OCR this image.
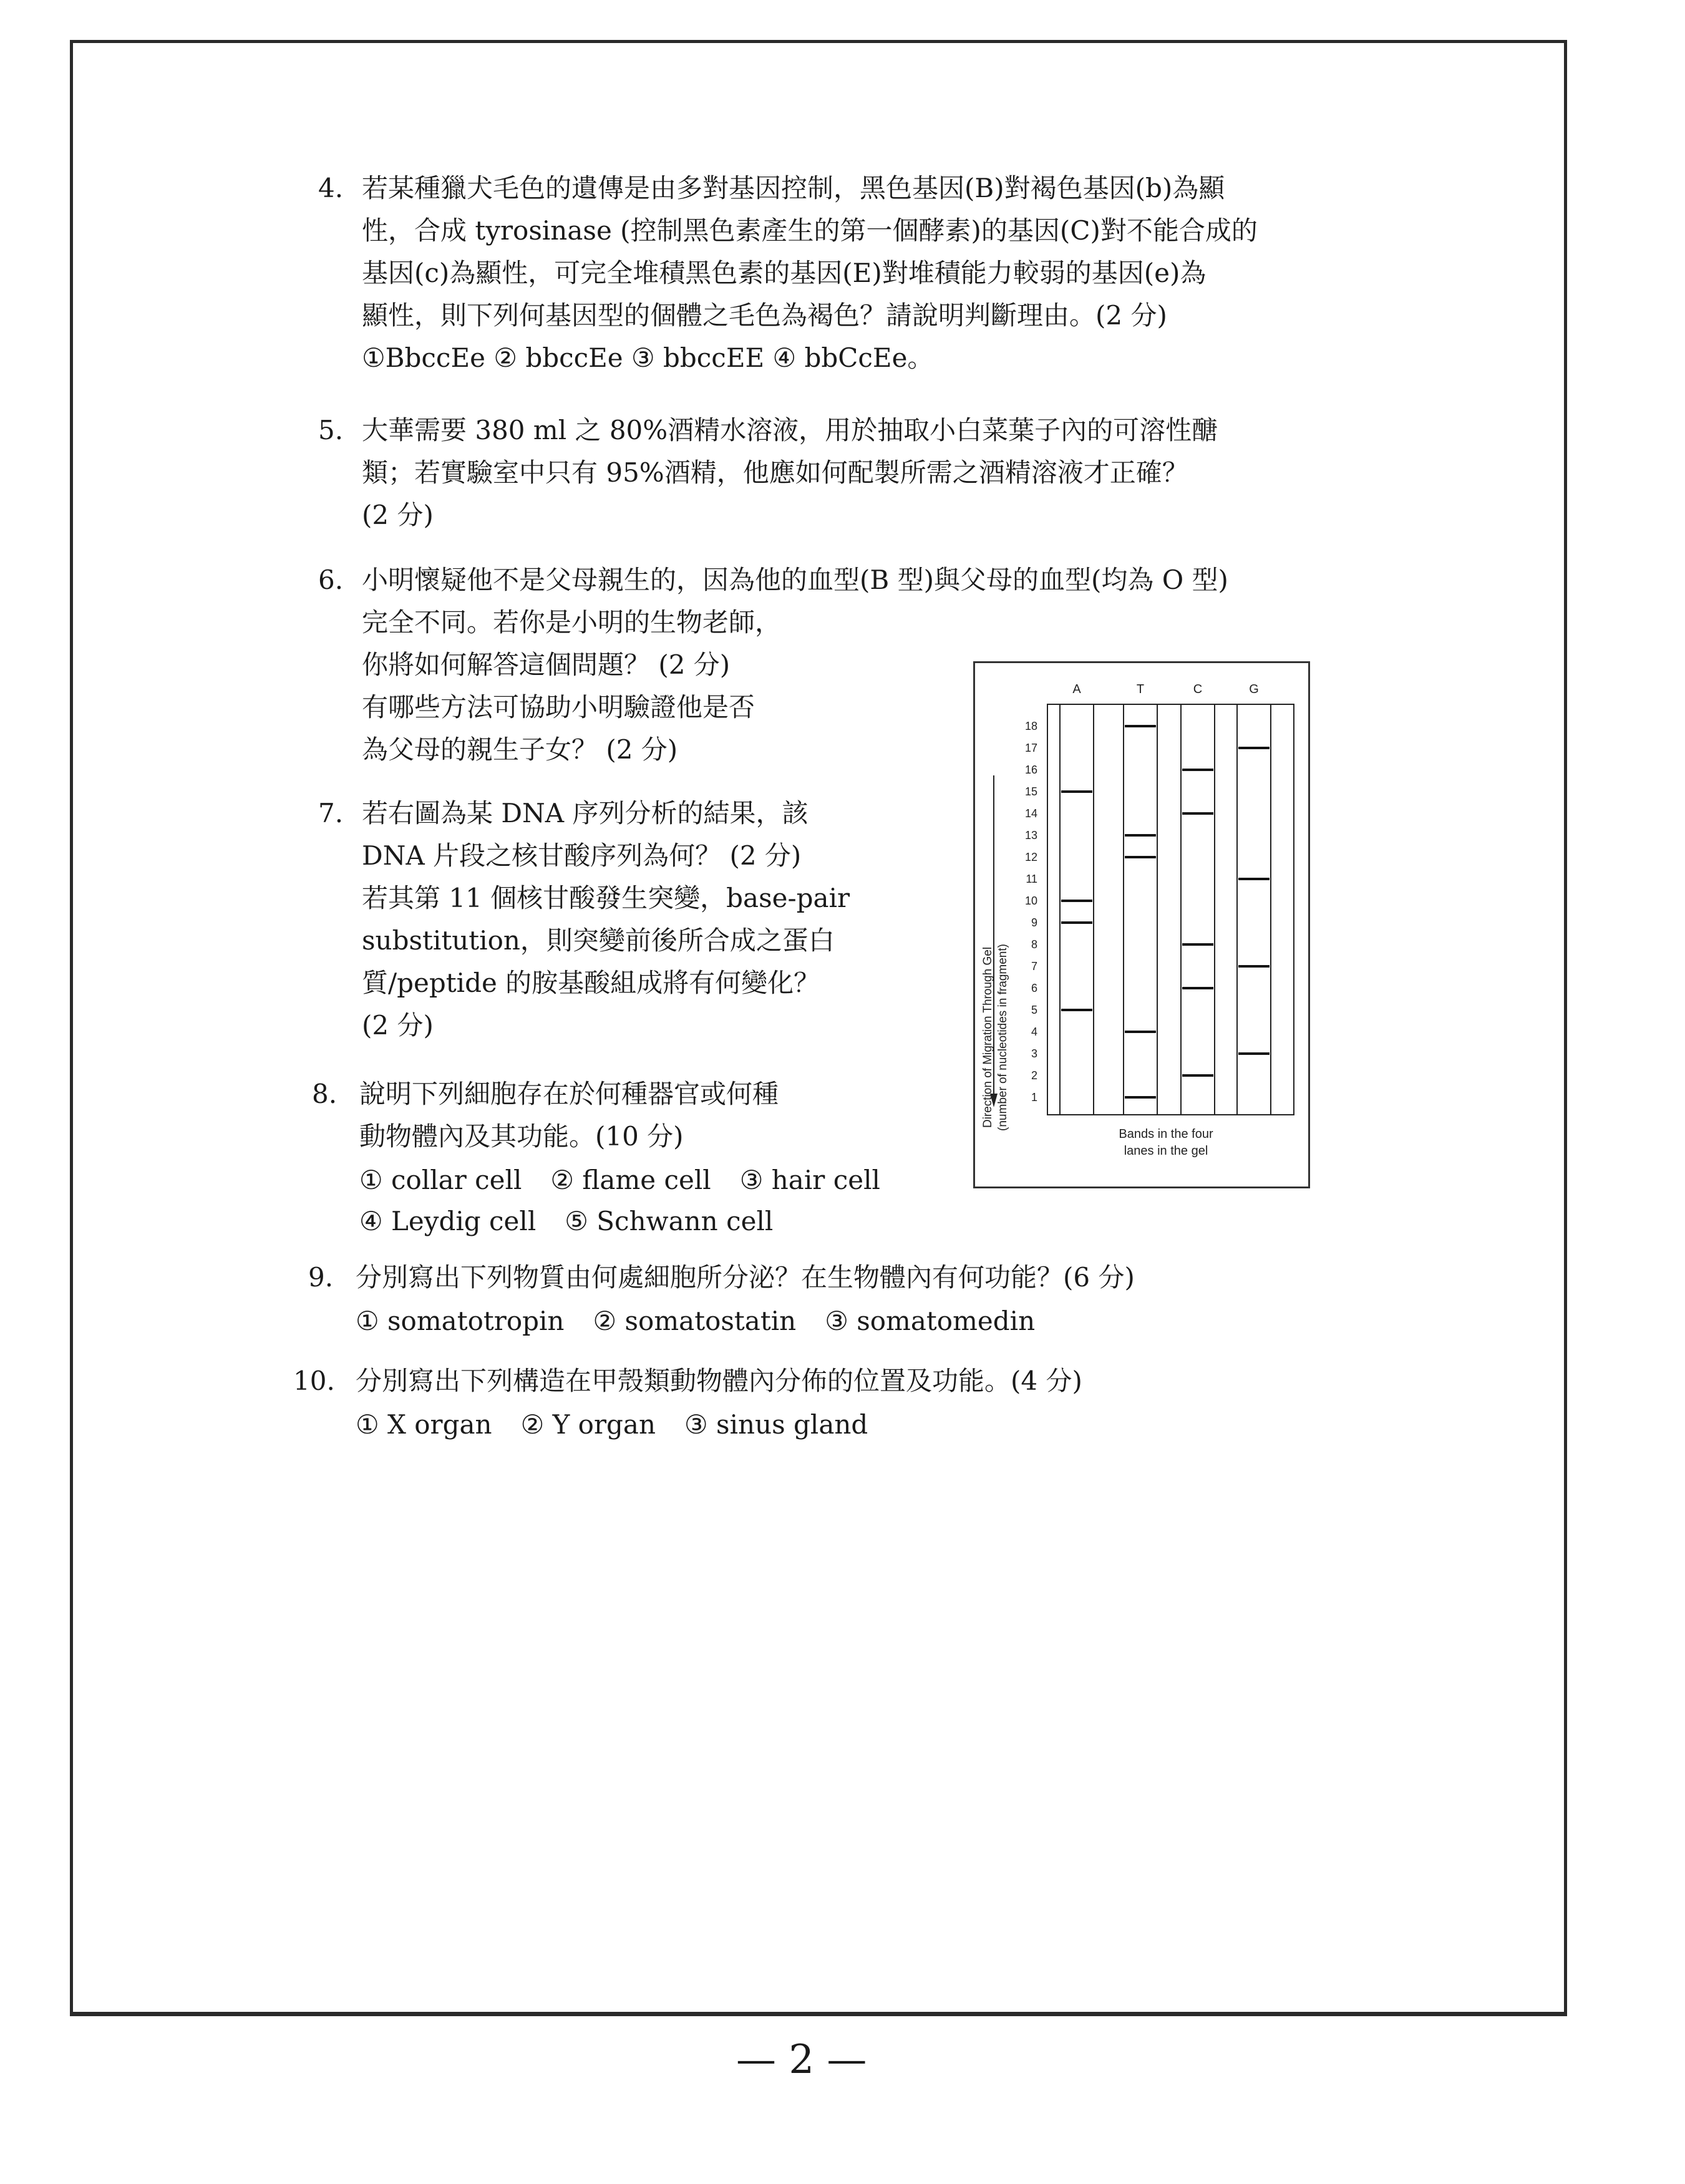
4. 若某種獵犬毛色的遺傳是由多對基因控制，黑色基因(B)對褐色基因(b)為顯
性，合成 tyrosinase (控制黑色素產生的第一個酵素)的基因(C)對不能合成的
基因(c)為顯性，可完全堆積黑色素的基因(E)對堆積能力較弱的基因(e)為
顯性，則下列何基因型的個體之毛色為褐色？請說明判斷理由。(2 分)
①BbccEe ② bbccEe ③ bbccEE ④ bbCcEe。
5. 大華需要 380 ml 之 80%酒精水溶液，用於抽取小白菜葉子內的可溶性醣
類；若實驗室中只有 95%酒精，他應如何配製所需之酒精溶液才正確？
(2 分)
6. 小明懷疑他不是父母親生的，因為他的血型(B 型)與父母的血型(均為 O 型)
完全不同。若你是小明的生物老師，
你將如何解答這個問題？ (2 分)
有哪些方法可協助小明驗證他是否
為父母的親生子女？ (2 分)
7. 若右圖為某 DNA 序列分析的結果，該
DNA 片段之核甘酸序列為何？ (2 分)
若其第 11 個核甘酸發生突變，base-pair
substitution，則突變前後所合成之蛋白
質/peptide 的胺基酸組成將有何變化？
(2 分)
8. 說明下列細胞存在於何種器官或何種
動物體內及其功能。(10 分)
① collar cell ② flame cell ③ hair cell
④ Leydig cell ⑤ Schwann cell
9. 分別寫出下列物質由何處細胞所分泌？在生物體內有何功能？(6 分)
① somatotropin ② somatostatin ③ somatomedin
10. 分別寫出下列構造在甲殼類動物體內分佈的位置及功能。(4 分)
① X organ ② Y organ ③ sinus gland
A	T	C	G
18
17
16
15
14
13
12
11
10
9
8
7
6
5
4
3
2
1
Direction of Migration Through Gel (number of nucleotides in fragment)
Bands in the four
lanes in the gel
— 2 —
